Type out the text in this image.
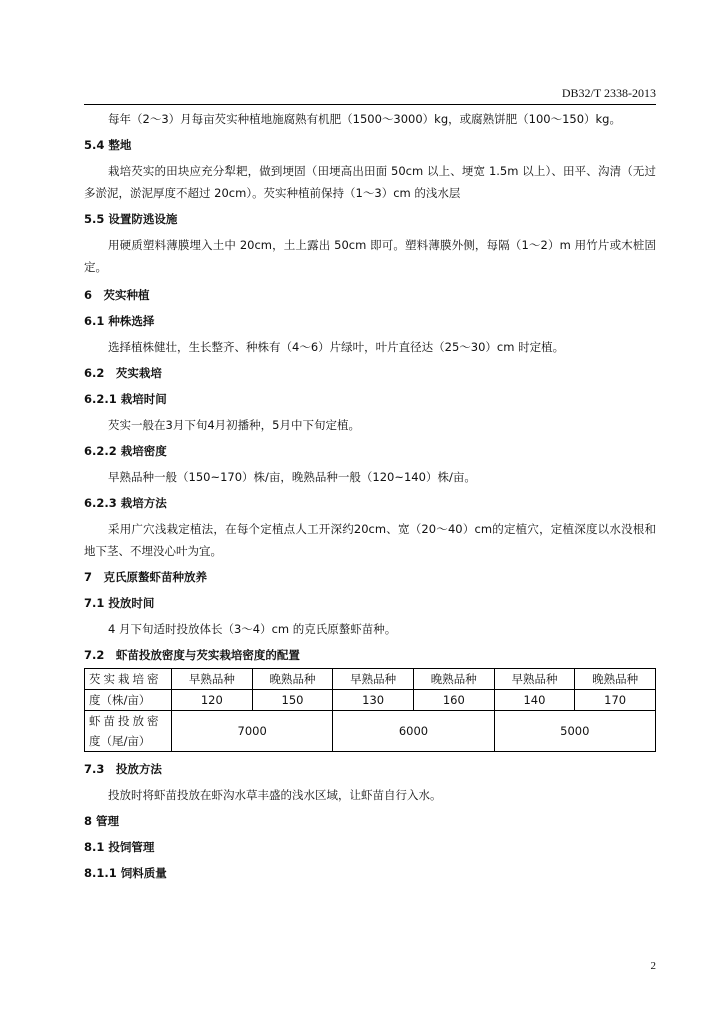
DB32/T 2338-2013

每年（2～3）月每亩芡实种植地施腐熟有机肥（1500～3000）kg，或腐熟饼肥（100～150）kg。

5.4 整地

栽培芡实的田块应充分犁耙，做到埂固（田埂高出田面 50cm 以上、埂宽 1.5m 以上）、田平、沟清（无过多淤泥，淤泥厚度不超过 20cm）。芡实种植前保持（1～3）cm 的浅水层

5.5 设置防逃设施

用硬质塑料薄膜埋入土中 20cm，土上露出 50cm 即可。塑料薄膜外侧，每隔（1～2）m 用竹片或木桩固定。

6　芡实种植

6.1 种株选择

选择植株健壮，生长整齐、种株有（4～6）片绿叶，叶片直径达（25～30）cm 时定植。

6.2　芡实栽培

6.2.1 栽培时间

芡实一般在3月下旬4月初播种，5月中下旬定植。

6.2.2 栽培密度

早熟品种一般（150~170）株/亩，晚熟品种一般（120~140）株/亩。

6.2.3 栽培方法

采用广穴浅栽定植法，在每个定植点人工开深约20cm、宽（20～40）cm的定植穴，定植深度以水没根和地下茎、不埋没心叶为宜。

7　克氏原螯虾苗种放养

7.1 投放时间

4 月下旬适时投放体长（3～4）cm 的克氏原螯虾苗种。

7.2　虾苗投放密度与芡实栽培密度的配置

芡实栽培密	早熟品种	晚熟品种	早熟品种	晚熟品种	早熟品种	晚熟品种
度（株/亩）	120	150	130	160	140	170

虾苗投放密
度（尾/亩）	7000		6000		5000	

7.3　投放方法

投放时将虾苗投放在虾沟水草丰盛的浅水区域，让虾苗自行入水。

8 管理

8.1 投饲管理

8.1.1 饲料质量

2
